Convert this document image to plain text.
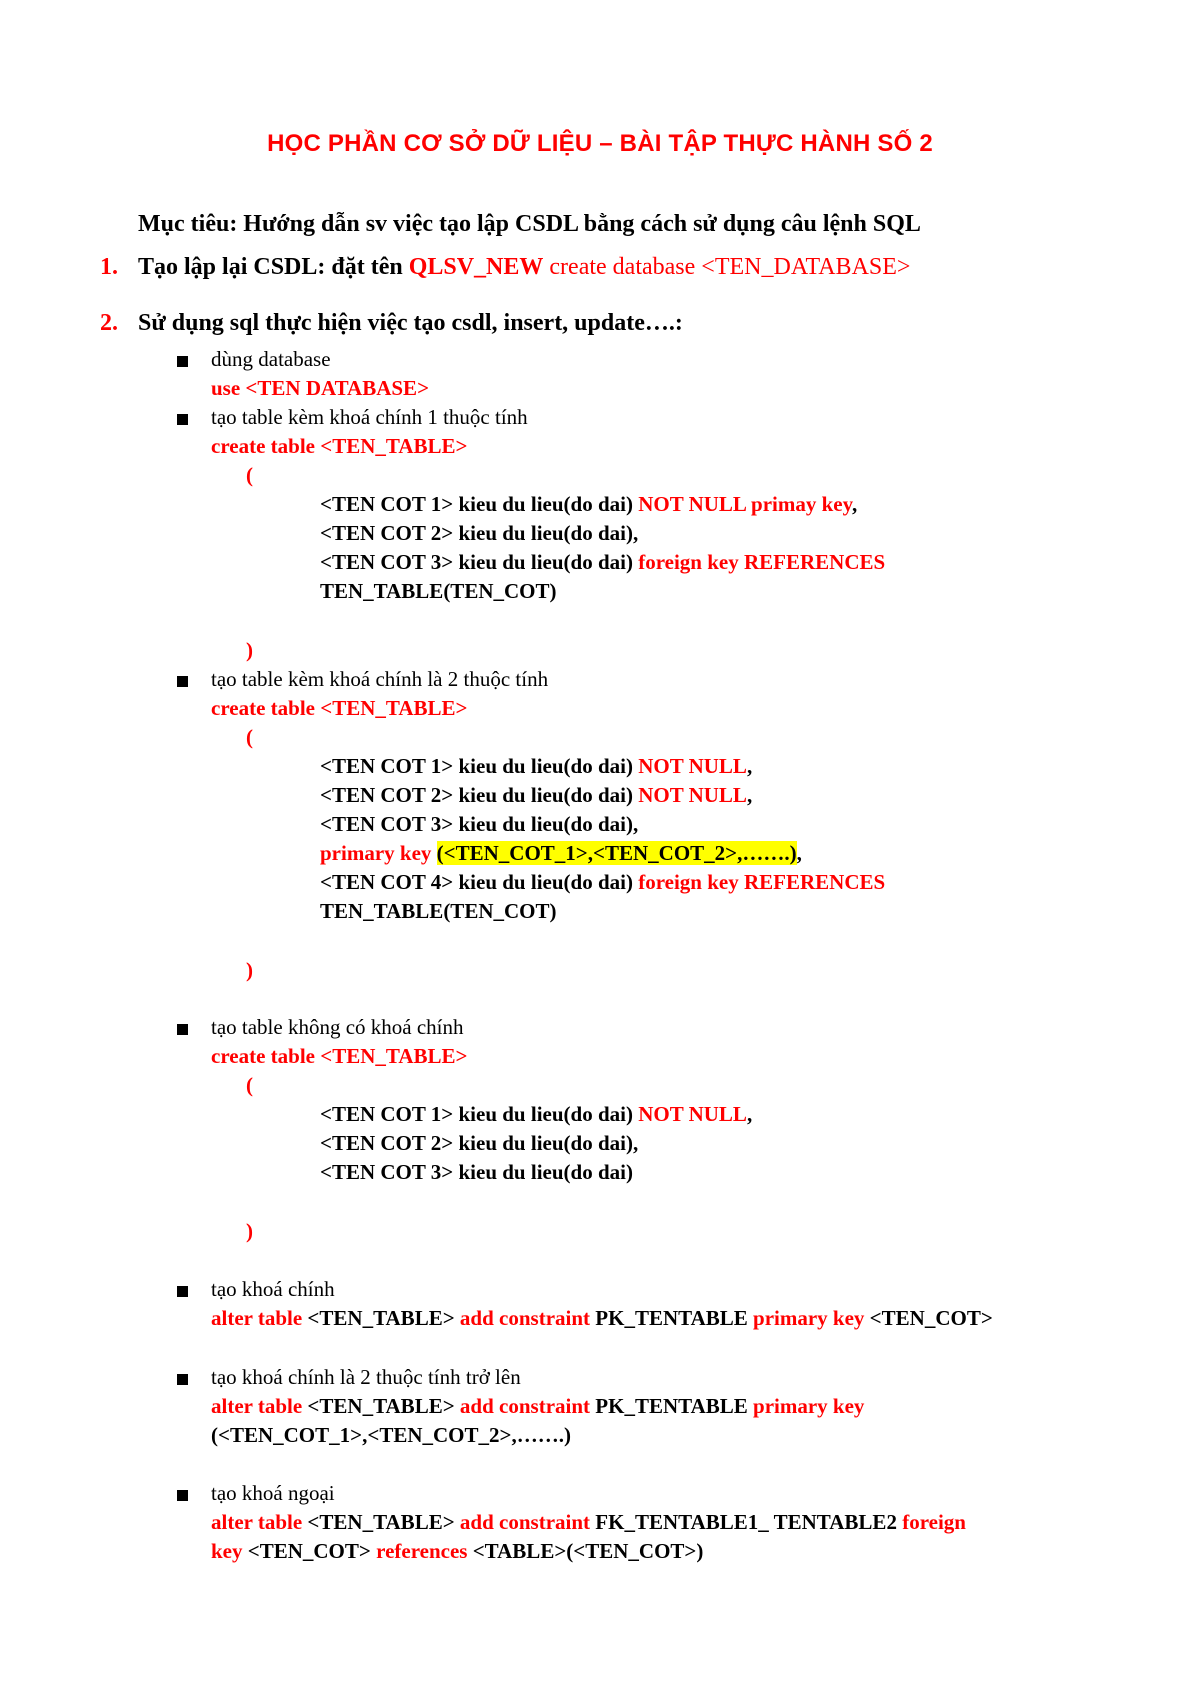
HỌC PHẦN CƠ SỞ DỮ LIỆU – BÀI TẬP THỰC HÀNH SỐ 2
Mục tiêu: Hướng dẫn sv việc tạo lập CSDL bằng cách sử dụng câu lệnh SQL
1. Tạo lập lại CSDL: đặt tên QLSV_NEW create database <TEN_DATABASE>
2. Sử dụng sql thực hiện việc tạo csdl, insert, update….:
dùng database
use <TEN DATABASE>
tạo table kèm khoá chính 1 thuộc tính
create table <TEN_TABLE>
(
<TEN COT 1> kieu du lieu(do dai) NOT NULL primay key,
<TEN COT 2> kieu du lieu(do dai),
<TEN COT 3> kieu du lieu(do dai) foreign key REFERENCES
TEN_TABLE(TEN_COT)
)
tạo table kèm khoá chính là 2 thuộc tính
create table <TEN_TABLE>
(
<TEN COT 1> kieu du lieu(do dai) NOT NULL,
<TEN COT 2> kieu du lieu(do dai) NOT NULL,
<TEN COT 3> kieu du lieu(do dai),
primary key (<TEN_COT_1>,<TEN_COT_2>,…….),
<TEN COT 4> kieu du lieu(do dai) foreign key REFERENCES
TEN_TABLE(TEN_COT)
)
tạo table không có khoá chính
create table <TEN_TABLE>
(
<TEN COT 1> kieu du lieu(do dai) NOT NULL,
<TEN COT 2> kieu du lieu(do dai),
<TEN COT 3> kieu du lieu(do dai)
)
tạo khoá chính
alter table <TEN_TABLE> add constraint PK_TENTABLE primary key <TEN_COT>
tạo khoá chính là 2 thuộc tính trở lên
alter table <TEN_TABLE> add constraint PK_TENTABLE primary key
(<TEN_COT_1>,<TEN_COT_2>,…….)
tạo khoá ngoại
alter table <TEN_TABLE> add constraint FK_TENTABLE1_ TENTABLE2 foreign
key <TEN_COT> references <TABLE>(<TEN_COT>)
